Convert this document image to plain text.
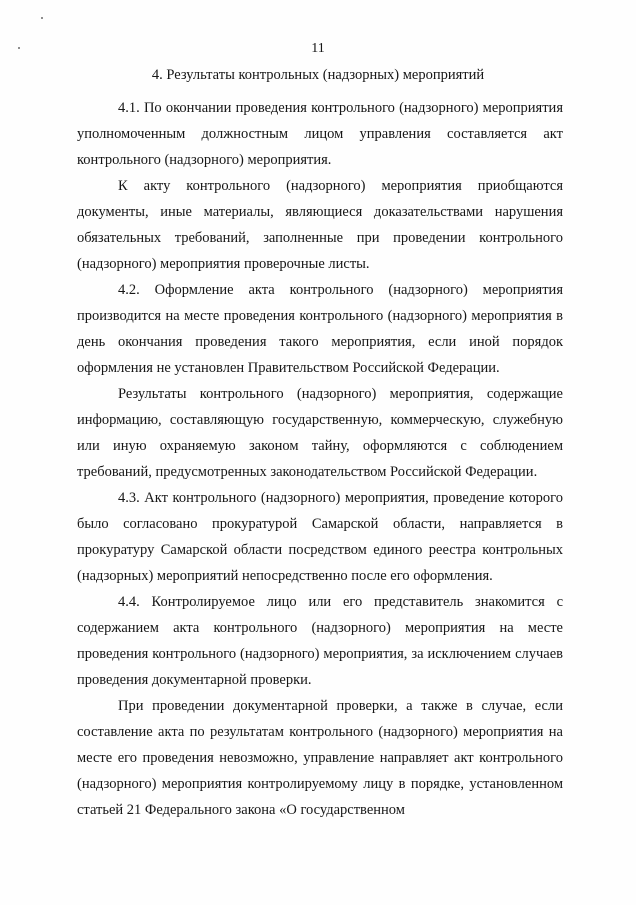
11
4. Результаты контрольных (надзорных) мероприятий

4.1. По окончании проведения контрольного (надзорного) мероприятия уполномоченным должностным лицом управления составляется акт контрольного (надзорного) мероприятия.

К акту контрольного (надзорного) мероприятия приобщаются документы, иные материалы, являющиеся доказательствами нарушения обязательных требований, заполненные при проведении контрольного (надзорного) мероприятия проверочные листы.

4.2. Оформление акта контрольного (надзорного) мероприятия производится на месте проведения контрольного (надзорного) мероприятия в день окончания проведения такого мероприятия, если иной порядок оформления не установлен Правительством Российской Федерации.

Результаты контрольного (надзорного) мероприятия, содержащие информацию, составляющую государственную, коммерческую, служебную или иную охраняемую законом тайну, оформляются с соблюдением требований, предусмотренных законодательством Российской Федерации.

4.3. Акт контрольного (надзорного) мероприятия, проведение которого было согласовано прокуратурой Самарской области, направляется в прокуратуру Самарской области посредством единого реестра контрольных (надзорных) мероприятий непосредственно после его оформления.

4.4. Контролируемое лицо или его представитель знакомится с содержанием акта контрольного (надзорного) мероприятия на месте проведения контрольного (надзорного) мероприятия, за исключением случаев проведения документарной проверки.

При проведении документарной проверки, а также в случае, если составление акта по результатам контрольного (надзорного) мероприятия на месте его проведения невозможно, управление направляет акт контрольного (надзорного) мероприятия контролируемому лицу в порядке, установленном статьей 21 Федерального закона «О государственном
